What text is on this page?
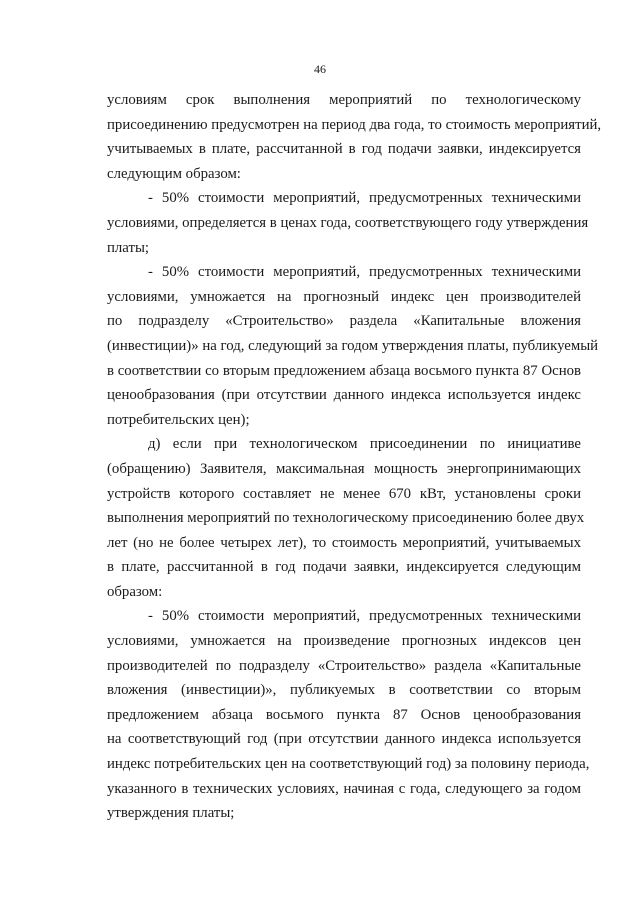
46
условиям срок выполнения мероприятий по технологическому
присоединению предусмотрен на период два года, то стоимость мероприятий,
учитываемых в плате, рассчитанной в год подачи заявки, индексируется
следующим образом:
- 50% стоимости мероприятий, предусмотренных техническими
условиями, определяется в ценах года, соответствующего году утверждения
платы;
- 50% стоимости мероприятий, предусмотренных техническими
условиями, умножается на прогнозный индекс цен производителей
по подразделу «Строительство» раздела «Капитальные вложения
(инвестиции)» на год, следующий за годом утверждения платы, публикуемый
в соответствии со вторым предложением абзаца восьмого пункта 87 Основ
ценообразования (при отсутствии данного индекса используется индекс
потребительских цен);
д) если при технологическом присоединении по инициативе
(обращению) Заявителя, максимальная мощность энергопринимающих
устройств которого составляет не менее 670 кВт, установлены сроки
выполнения мероприятий по технологическому присоединению более двух
лет (но не более четырех лет), то стоимость мероприятий, учитываемых
в плате, рассчитанной в год подачи заявки, индексируется следующим
образом:
- 50% стоимости мероприятий, предусмотренных техническими
условиями, умножается на произведение прогнозных индексов цен
производителей по подразделу «Строительство» раздела «Капитальные
вложения (инвестиции)», публикуемых в соответствии со вторым
предложением абзаца восьмого пункта 87 Основ ценообразования
на соответствующий год (при отсутствии данного индекса используется
индекс потребительских цен на соответствующий год) за половину периода,
указанного в технических условиях, начиная с года, следующего за годом
утверждения платы;
